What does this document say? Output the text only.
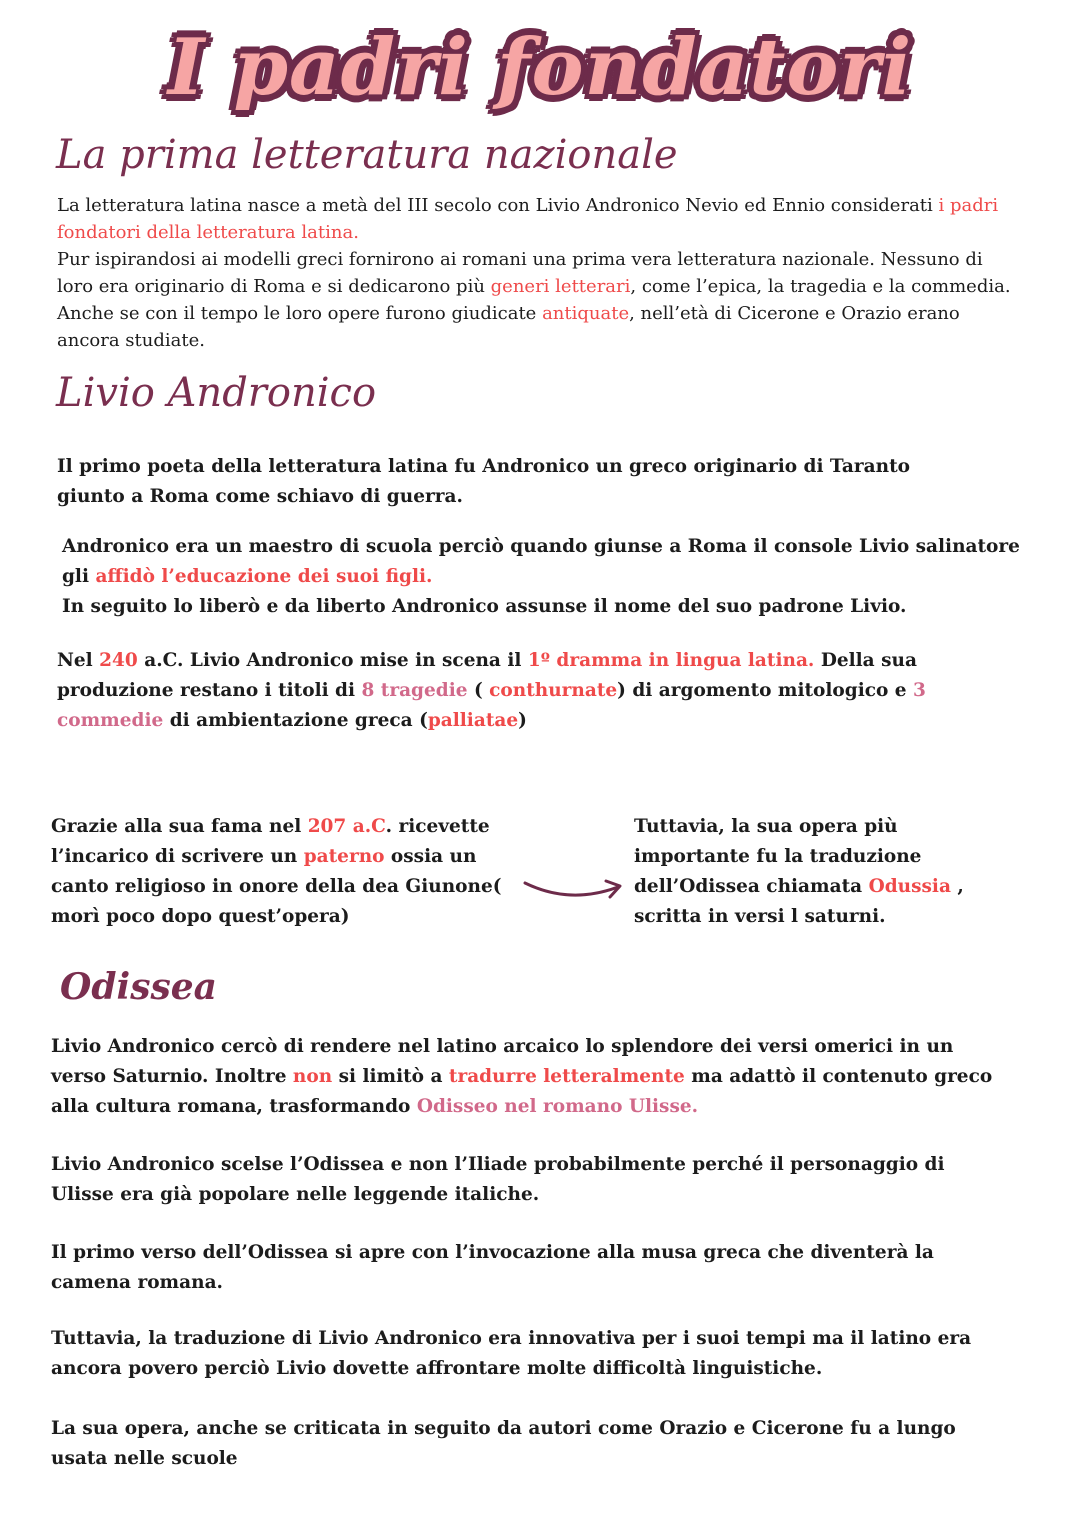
I padri fondatori
La prima letteratura nazionale

La letteratura latina nasce a metà del III secolo con Livio Andronico Nevio ed Ennio considerati i padri fondatori della letteratura latina.
Pur ispirandosi ai modelli greci fornirono ai romani una prima vera letteratura nazionale. Nessuno di loro era originario di Roma e si dedicarono più generi letterari, come l’epica, la tragedia e la commedia. Anche se con il tempo le loro opere furono giudicate antiquate, nell’età di Cicerone e Orazio erano ancora studiate.

Livio Andronico

Il primo poeta della letteratura latina fu Andronico un greco originario di Taranto giunto a Roma come schiavo di guerra.

Andronico era un maestro di scuola perciò quando giunse a Roma il console Livio salinatore gli affidò l’educazione dei suoi figli.
In seguito lo liberò e da liberto Andronico assunse il nome del suo padrone Livio.

Nel 240 a.C. Livio Andronico mise in scena il 1º dramma in lingua latina. Della sua produzione restano i titoli di 8 tragedie ( conthurnate) di argomento mitologico e 3 commedie di ambientazione greca (palliatae)

Grazie alla sua fama nel 207 a.C. ricevette l’incarico di scrivere un paterno ossia un canto religioso in onore della dea Giunone( morì poco dopo quest’opera)

Tuttavia, la sua opera più importante fu la traduzione dell’Odissea chiamata Odussia , scritta in versi l saturni.

Odissea

Livio Andronico cercò di rendere nel latino arcaico lo splendore dei versi omerici in un verso Saturnio. Inoltre non si limitò a tradurre letteralmente ma adattò il contenuto greco alla cultura romana, trasformando Odisseo nel romano Ulisse.

Livio Andronico scelse l’Odissea e non l’Iliade probabilmente perché il personaggio di Ulisse era già popolare nelle leggende italiche.

Il primo verso dell’Odissea si apre con l’invocazione alla musa greca che diventerà la camena romana.

Tuttavia, la traduzione di Livio Andronico era innovativa per i suoi tempi ma il latino era ancora povero perciò Livio dovette affrontare molte difficoltà linguistiche.

La sua opera, anche se criticata in seguito da autori come Orazio e Cicerone fu a lungo usata nelle scuole
